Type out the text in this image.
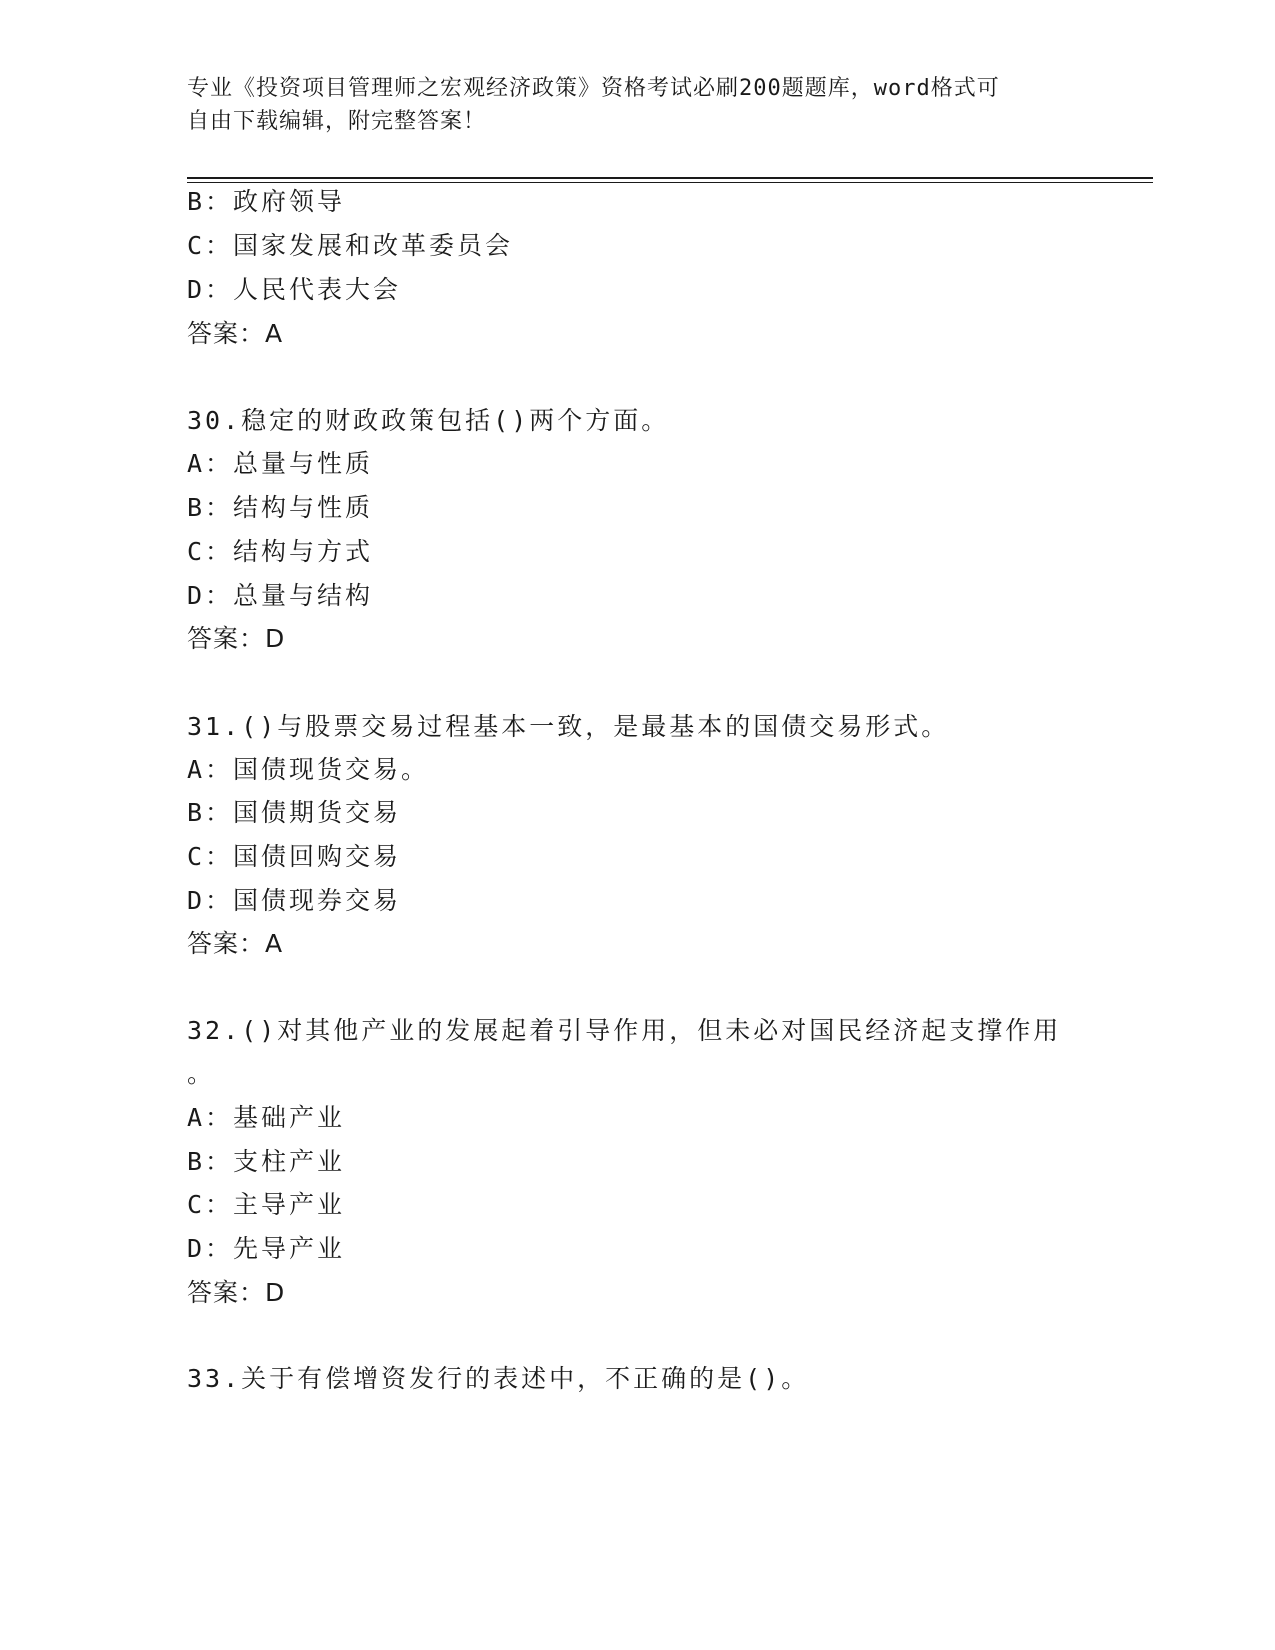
专业《投资项目管理师之宏观经济政策》资格考试必刷200题题库，word格式可
自由下载编辑，附完整答案！
B：政府领导
C：国家发展和改革委员会
D：人民代表大会
答案：A
30.稳定的财政政策包括()两个方面。
A：总量与性质
B：结构与性质
C：结构与方式
D：总量与结构
答案：D
31.()与股票交易过程基本一致，是最基本的国债交易形式。
A：国债现货交易。
B：国债期货交易
C：国债回购交易
D：国债现券交易
答案：A
32.()对其他产业的发展起着引导作用，但未必对国民经济起支撑作用
。
A：基础产业
B：支柱产业
C：主导产业
D：先导产业
答案：D
33.关于有偿增资发行的表述中，不正确的是()。
